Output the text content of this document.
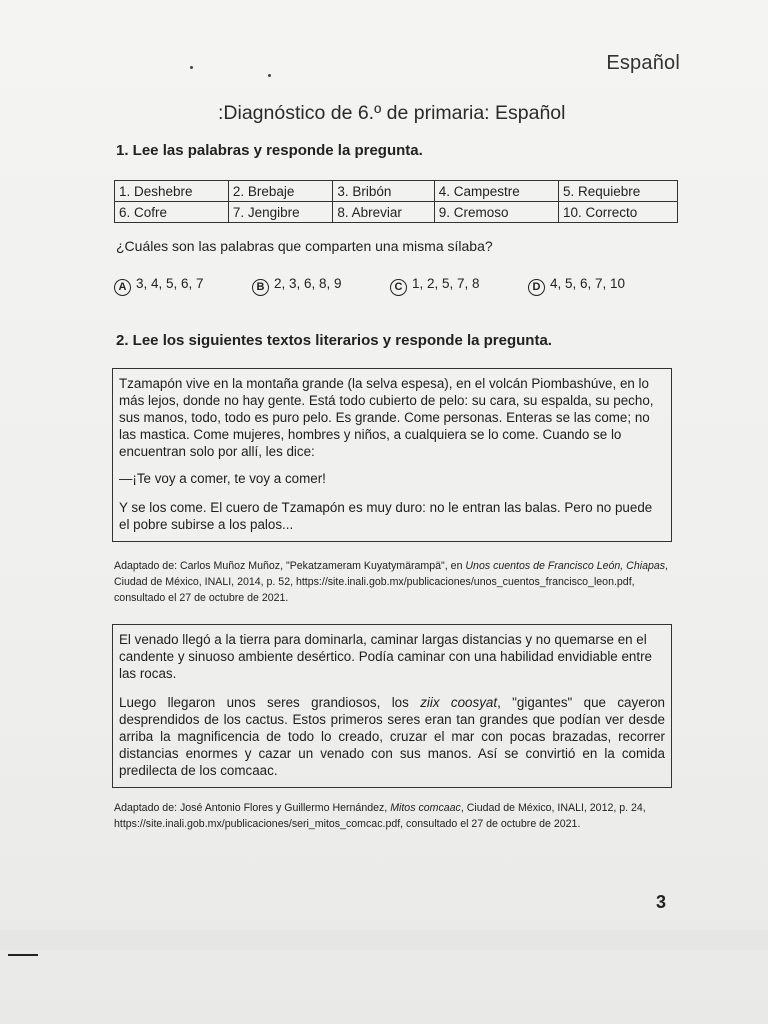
Español
:Diagnóstico de 6.º de primaria: Español
1. Lee las palabras y responde la pregunta.
1. Deshebre	2. Brebaje	3. Bribón	4. Campestre	5. Requiebre
6. Cofre	7. Jengibre	8. Abreviar	9. Cremoso	10. Correcto
¿Cuáles son las palabras que comparten una misma sílaba?
A 3, 4, 5, 6, 7	B 2, 3, 6, 8, 9	C 1, 2, 5, 7, 8	D 4, 5, 6, 7, 10
2. Lee los siguientes textos literarios y responde la pregunta.

Tzamapón vive en la montaña grande (la selva espesa), en el volcán Piombashúve, en lo más lejos, donde no hay gente. Está todo cubierto de pelo: su cara, su espalda, su pecho, sus manos, todo, todo es puro pelo. Es grande. Come personas. Enteras se las come; no las mastica. Come mujeres, hombres y niños, a cualquiera se lo come. Cuando se lo encuentran solo por allí, les dice:

—¡Te voy a comer, te voy a comer!

Y se los come. El cuero de Tzamapón es muy duro: no le entran las balas. Pero no puede el pobre subirse a los palos...

Adaptado de: Carlos Muñoz Muñoz, "Pekatzameram Kuyatymärampä", en Unos cuentos de Francisco León, Chiapas, Ciudad de México, INALI, 2014, p. 52, https://site.inali.gob.mx/publicaciones/unos_cuentos_francisco_leon.pdf, consultado el 27 de octubre de 2021.

El venado llegó a la tierra para dominarla, caminar largas distancias y no quemarse en el candente y sinuoso ambiente desértico. Podía caminar con una habilidad envidiable entre las rocas.

Luego llegaron unos seres grandiosos, los ziix coosyat, "gigantes" que cayeron desprendidos de los cactus. Estos primeros seres eran tan grandes que podían ver desde arriba la magnificencia de todo lo creado, cruzar el mar con pocas brazadas, recorrer distancias enormes y cazar un venado con sus manos. Así se convirtió en la comida predilecta de los comcaac.

Adaptado de: José Antonio Flores y Guillermo Hernández, Mitos comcaac, Ciudad de México, INALI, 2012, p. 24, https://site.inali.gob.mx/publicaciones/seri_mitos_comcac.pdf, consultado el 27 de octubre de 2021.
3
